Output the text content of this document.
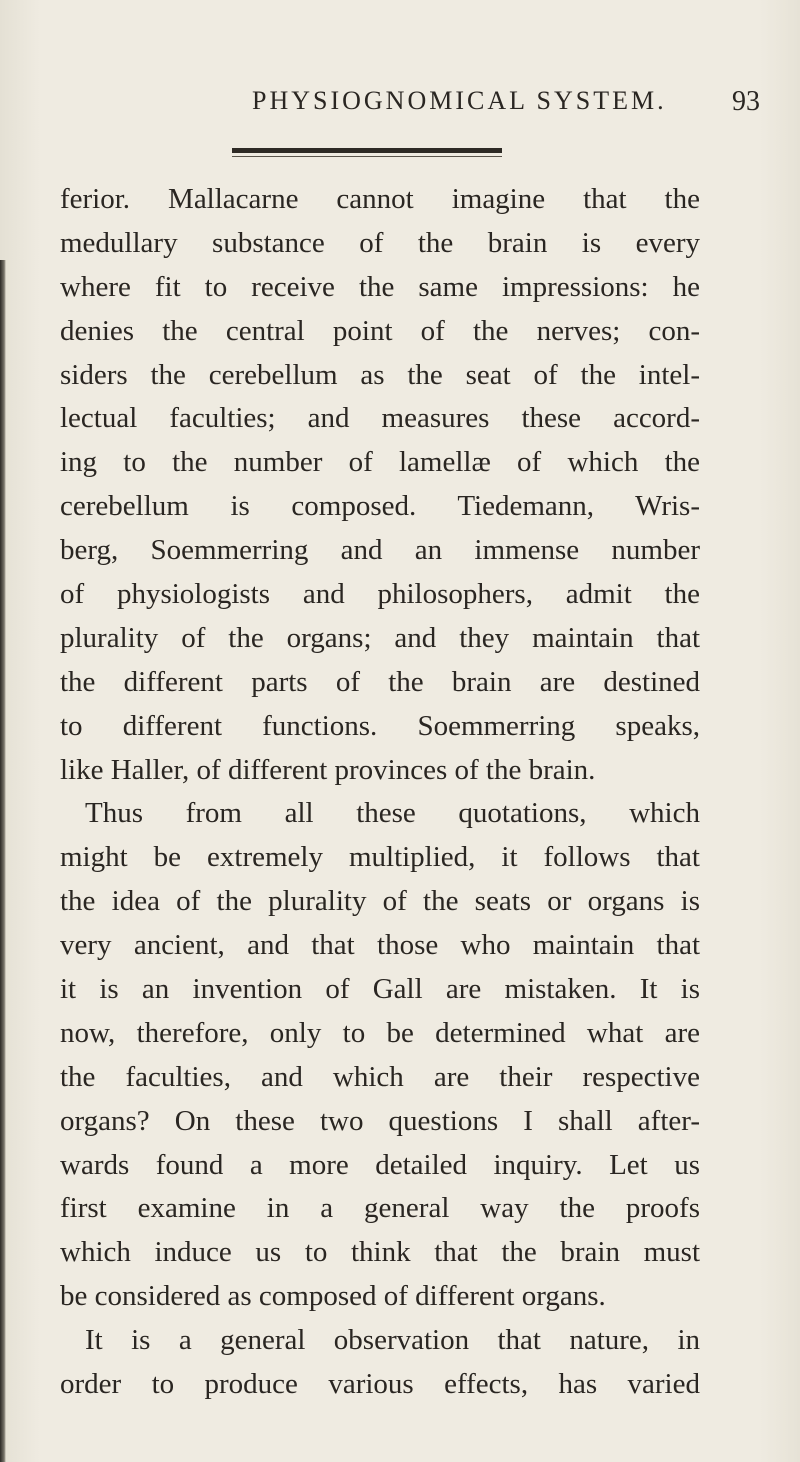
PHYSIOGNOMICAL SYSTEM. 93
ferior. Mallacarne cannot imagine that the
medullary substance of the brain is every
where fit to receive the same impressions: he
denies the central point of the nerves; con-
siders the cerebellum as the seat of the intel-
lectual faculties; and measures these accord-
ing to the number of lamellæ of which the
cerebellum is composed. Tiedemann, Wris-
berg, Soemmerring and an immense number
of physiologists and philosophers, admit the
plurality of the organs; and they maintain that
the different parts of the brain are destined
to different functions. Soemmerring speaks,
like Haller, of different provinces of the brain.
Thus from all these quotations, which
might be extremely multiplied, it follows that
the idea of the plurality of the seats or organs is
very ancient, and that those who maintain that
it is an invention of Gall are mistaken. It is
now, therefore, only to be determined what are
the faculties, and which are their respective
organs? On these two questions I shall after-
wards found a more detailed inquiry. Let us
first examine in a general way the proofs
which induce us to think that the brain must
be considered as composed of different organs.
It is a general observation that nature, in
order to produce various effects, has varied
